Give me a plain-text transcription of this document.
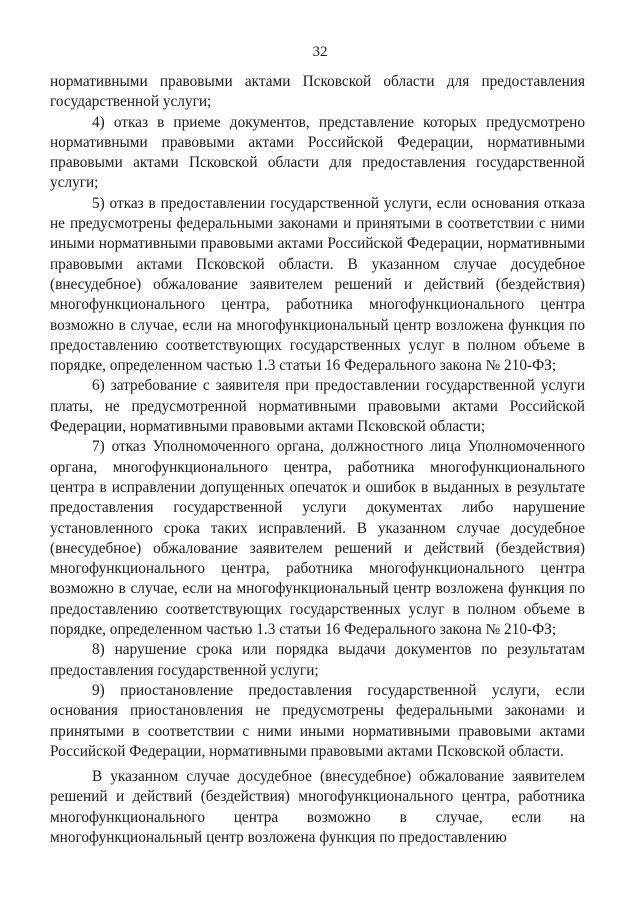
32

нормативными правовыми актами Псковской области для предоставления государственной услуги;

4) отказ в приеме документов, представление которых предусмотрено нормативными правовыми актами Российской Федерации, нормативными правовыми актами Псковской области для предоставления государственной услуги;

5) отказ в предоставлении государственной услуги, если основания отказа не предусмотрены федеральными законами и принятыми в соответствии с ними иными нормативными правовыми актами Российской Федерации, нормативными правовыми актами Псковской области. В указанном случае досудебное (внесудебное) обжалование заявителем решений и действий (бездействия) многофункционального центра, работника многофункционального центра возможно в случае, если на многофункциональный центр возложена функция по предоставлению соответствующих государственных услуг в полном объеме в порядке, определенном частью 1.3 статьи 16 Федерального закона № 210-ФЗ;

6) затребование с заявителя при предоставлении государственной услуги платы, не предусмотренной нормативными правовыми актами Российской Федерации, нормативными правовыми актами Псковской области;

7) отказ Уполномоченного органа, должностного лица Уполномоченного органа, многофункционального центра, работника многофункционального центра в исправлении допущенных опечаток и ошибок в выданных в результате предоставления государственной услуги документах либо нарушение установленного срока таких исправлений. В указанном случае досудебное (внесудебное) обжалование заявителем решений и действий (бездействия) многофункционального центра, работника многофункционального центра возможно в случае, если на многофункциональный центр возложена функция по предоставлению соответствующих государственных услуг в полном объеме в порядке, определенном частью 1.3 статьи 16 Федерального закона № 210-ФЗ;

8) нарушение срока или порядка выдачи документов по результатам предоставления государственной услуги;

9) приостановление предоставления государственной услуги, если основания приостановления не предусмотрены федеральными законами и принятыми в соответствии с ними иными нормативными правовыми актами Российской Федерации, нормативными правовыми актами Псковской области.

В указанном случае досудебное (внесудебное) обжалование заявителем решений и действий (бездействия) многофункционального центра, работника многофункционального центра возможно в случае, если на многофункциональный центр возложена функция по предоставлению
